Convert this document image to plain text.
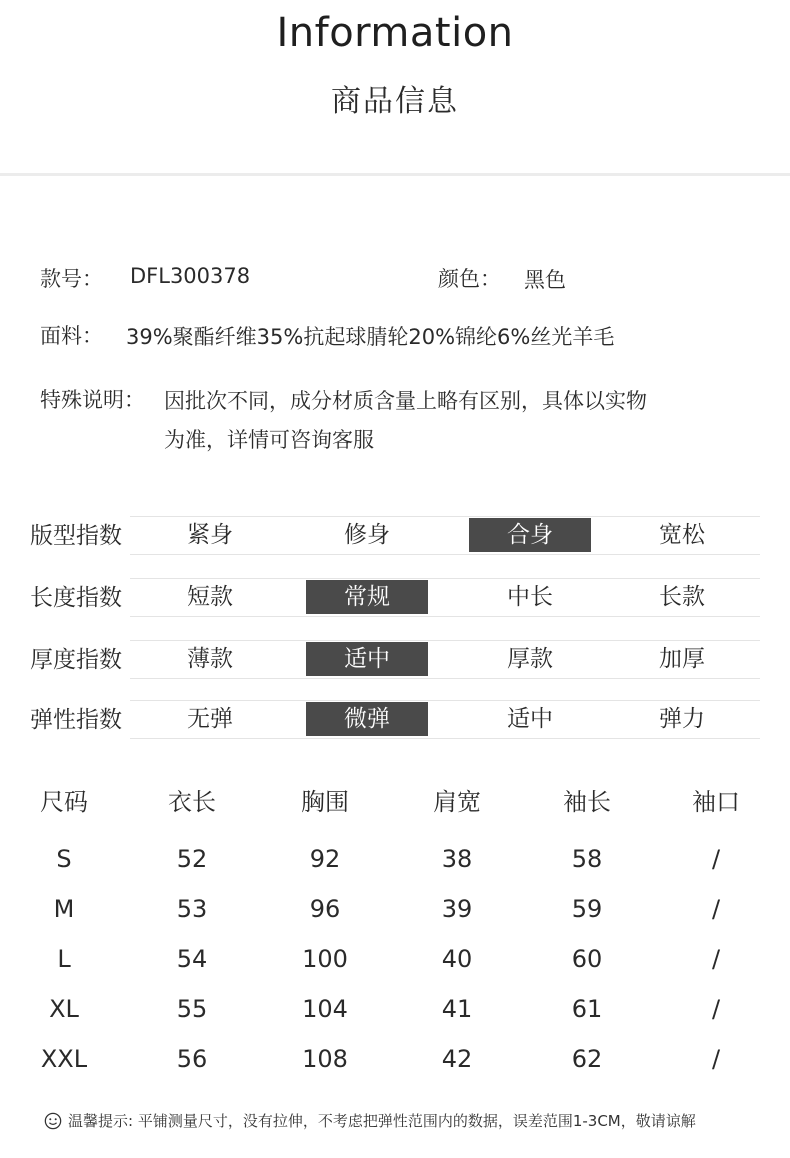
Information
商品信息
款号： DFL300378	颜色： 黑色
面料： 39%聚酯纤维35%抗起球腈轮20%锦纶6%丝光羊毛
特殊说明： 因批次不同，成分材质含量上略有区别，具体以实物
为准，详情可咨询客服
版型指数	紧身	修身	合身	宽松
长度指数	短款	常规	中长	长款
厚度指数	薄款	适中	厚款	加厚
弹性指数	无弹	微弹	适中	弹力
尺码	衣长	胸围	肩宽	袖长	袖口
S	52	92	38	58	/
M	53	96	39	59	/
L	54	100	40	60	/
XL	55	104	41	61	/
XXL	56	108	42	62	/
温馨提示: 平铺测量尺寸，没有拉伸，不考虑把弹性范围内的数据，误差范围1-3CM，敬请谅解
